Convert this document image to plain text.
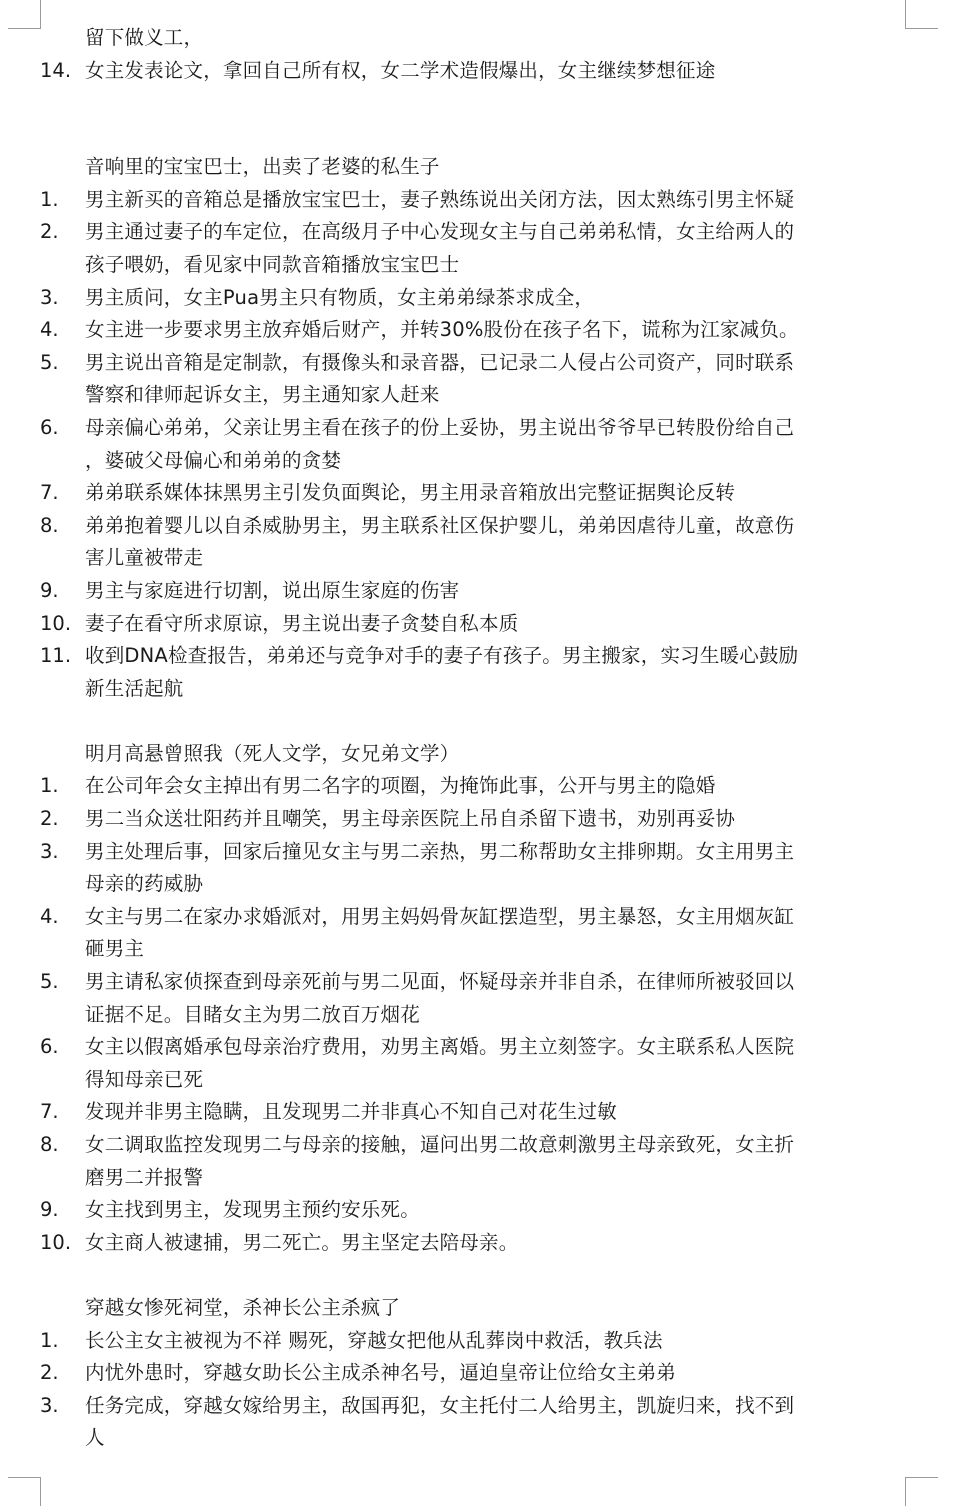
留下做义工，
14. 女主发表论文，拿回自己所有权，女二学术造假爆出，女主继续梦想征途
音响里的宝宝巴士，出卖了老婆的私生子
1.	男主新买的音箱总是播放宝宝巴士，妻子熟练说出关闭方法，因太熟练引男主怀疑
2.	男主通过妻子的车定位，在高级月子中心发现女主与自己弟弟私情，女主给两人的
孩子喂奶，看见家中同款音箱播放宝宝巴士
3.	男主质问，女主Pua男主只有物质，女主弟弟绿茶求成全，
4.	女主进一步要求男主放弃婚后财产，并转30%股份在孩子名下，谎称为江家减负。
5.	男主说出音箱是定制款，有摄像头和录音器，已记录二人侵占公司资产，同时联系
警察和律师起诉女主，男主通知家人赶来
6.	母亲偏心弟弟，父亲让男主看在孩子的份上妥协，男主说出爷爷早已转股份给自己
，婆破父母偏心和弟弟的贪婪
7.	弟弟联系媒体抹黑男主引发负面舆论，男主用录音箱放出完整证据舆论反转
8.	弟弟抱着婴儿以自杀威胁男主，男主联系社区保护婴儿，弟弟因虐待儿童，故意伤
害儿童被带走
9.	男主与家庭进行切割，说出原生家庭的伤害
10. 妻子在看守所求原谅，男主说出妻子贪婪自私本质
11. 收到DNA检查报告，弟弟还与竞争对手的妻子有孩子。男主搬家，实习生暖心鼓励
新生活起航
明月高悬曾照我（死人文学，女兄弟文学）
1.	在公司年会女主掉出有男二名字的项圈，为掩饰此事，公开与男主的隐婚
2.	男二当众送壮阳药并且嘲笑，男主母亲医院上吊自杀留下遗书，劝别再妥协
3.	男主处理后事，回家后撞见女主与男二亲热，男二称帮助女主排卵期。女主用男主
母亲的药威胁
4.	女主与男二在家办求婚派对，用男主妈妈骨灰缸摆造型，男主暴怒，女主用烟灰缸
砸男主
5.	男主请私家侦探查到母亲死前与男二见面，怀疑母亲并非自杀，在律师所被驳回以
证据不足。目睹女主为男二放百万烟花
6.	女主以假离婚承包母亲治疗费用，劝男主离婚。男主立刻签字。女主联系私人医院
得知母亲已死
7.	发现并非男主隐瞒，且发现男二并非真心不知自己对花生过敏
8.	女二调取监控发现男二与母亲的接触，逼问出男二故意刺激男主母亲致死，女主折
磨男二并报警
9.	女主找到男主，发现男主预约安乐死。
10. 女主商人被逮捕，男二死亡。男主坚定去陪母亲。
穿越女惨死祠堂，杀神长公主杀疯了
1.	长公主女主被视为不祥 赐死，穿越女把他从乱葬岗中救活，教兵法
2.	内忧外患时，穿越女助长公主成杀神名号，逼迫皇帝让位给女主弟弟
3.	任务完成，穿越女嫁给男主，敌国再犯，女主托付二人给男主，凯旋归来，找不到
人
